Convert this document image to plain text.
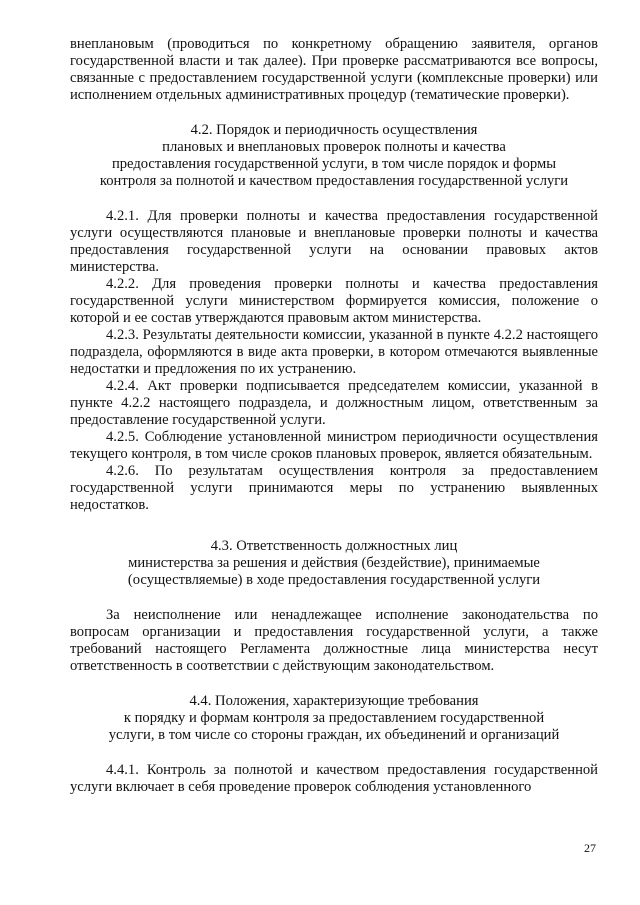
внеплановым (проводиться по конкретному обращению заявителя, органов государственной власти и так далее). При проверке рассматриваются все вопросы, связанные с предоставлением государственной услуги (комплексные проверки) или исполнением отдельных административных процедур (тематические проверки).

4.2. Порядок и периодичность осуществления
плановых и внеплановых проверок полноты и качества
предоставления государственной услуги, в том числе порядок и формы
контроля за полнотой и качеством предоставления государственной услуги

4.2.1. Для проверки полноты и качества предоставления государственной услуги осуществляются плановые и внеплановые проверки полноты и качества предоставления государственной услуги на основании правовых актов министерства.

4.2.2. Для проведения проверки полноты и качества предоставления государственной услуги министерством формируется комиссия, положение о которой и ее состав утверждаются правовым актом министерства.

4.2.3. Результаты деятельности комиссии, указанной в пункте 4.2.2 настоящего подраздела, оформляются в виде акта проверки, в котором отмечаются выявленные недостатки и предложения по их устранению.

4.2.4. Акт проверки подписывается председателем комиссии, указанной в пункте 4.2.2 настоящего подраздела, и должностным лицом, ответственным за предоставление государственной услуги.

4.2.5. Соблюдение установленной министром периодичности осуществления текущего контроля, в том числе сроков плановых проверок, является обязательным.

4.2.6. По результатам осуществления контроля за предоставлением государственной услуги принимаются меры по устранению выявленных недостатков.

4.3. Ответственность должностных лиц
министерства за решения и действия (бездействие), принимаемые
(осуществляемые) в ходе предоставления государственной услуги

За неисполнение или ненадлежащее исполнение законодательства по вопросам организации и предоставления государственной услуги, а также требований настоящего Регламента должностные лица министерства несут ответственность в соответствии с действующим законодательством.

4.4. Положения, характеризующие требования
к порядку и формам контроля за предоставлением государственной
услуги, в том числе со стороны граждан, их объединений и организаций

4.4.1. Контроль за полнотой и качеством предоставления государственной услуги включает в себя проведение проверок соблюдения установленного

27
